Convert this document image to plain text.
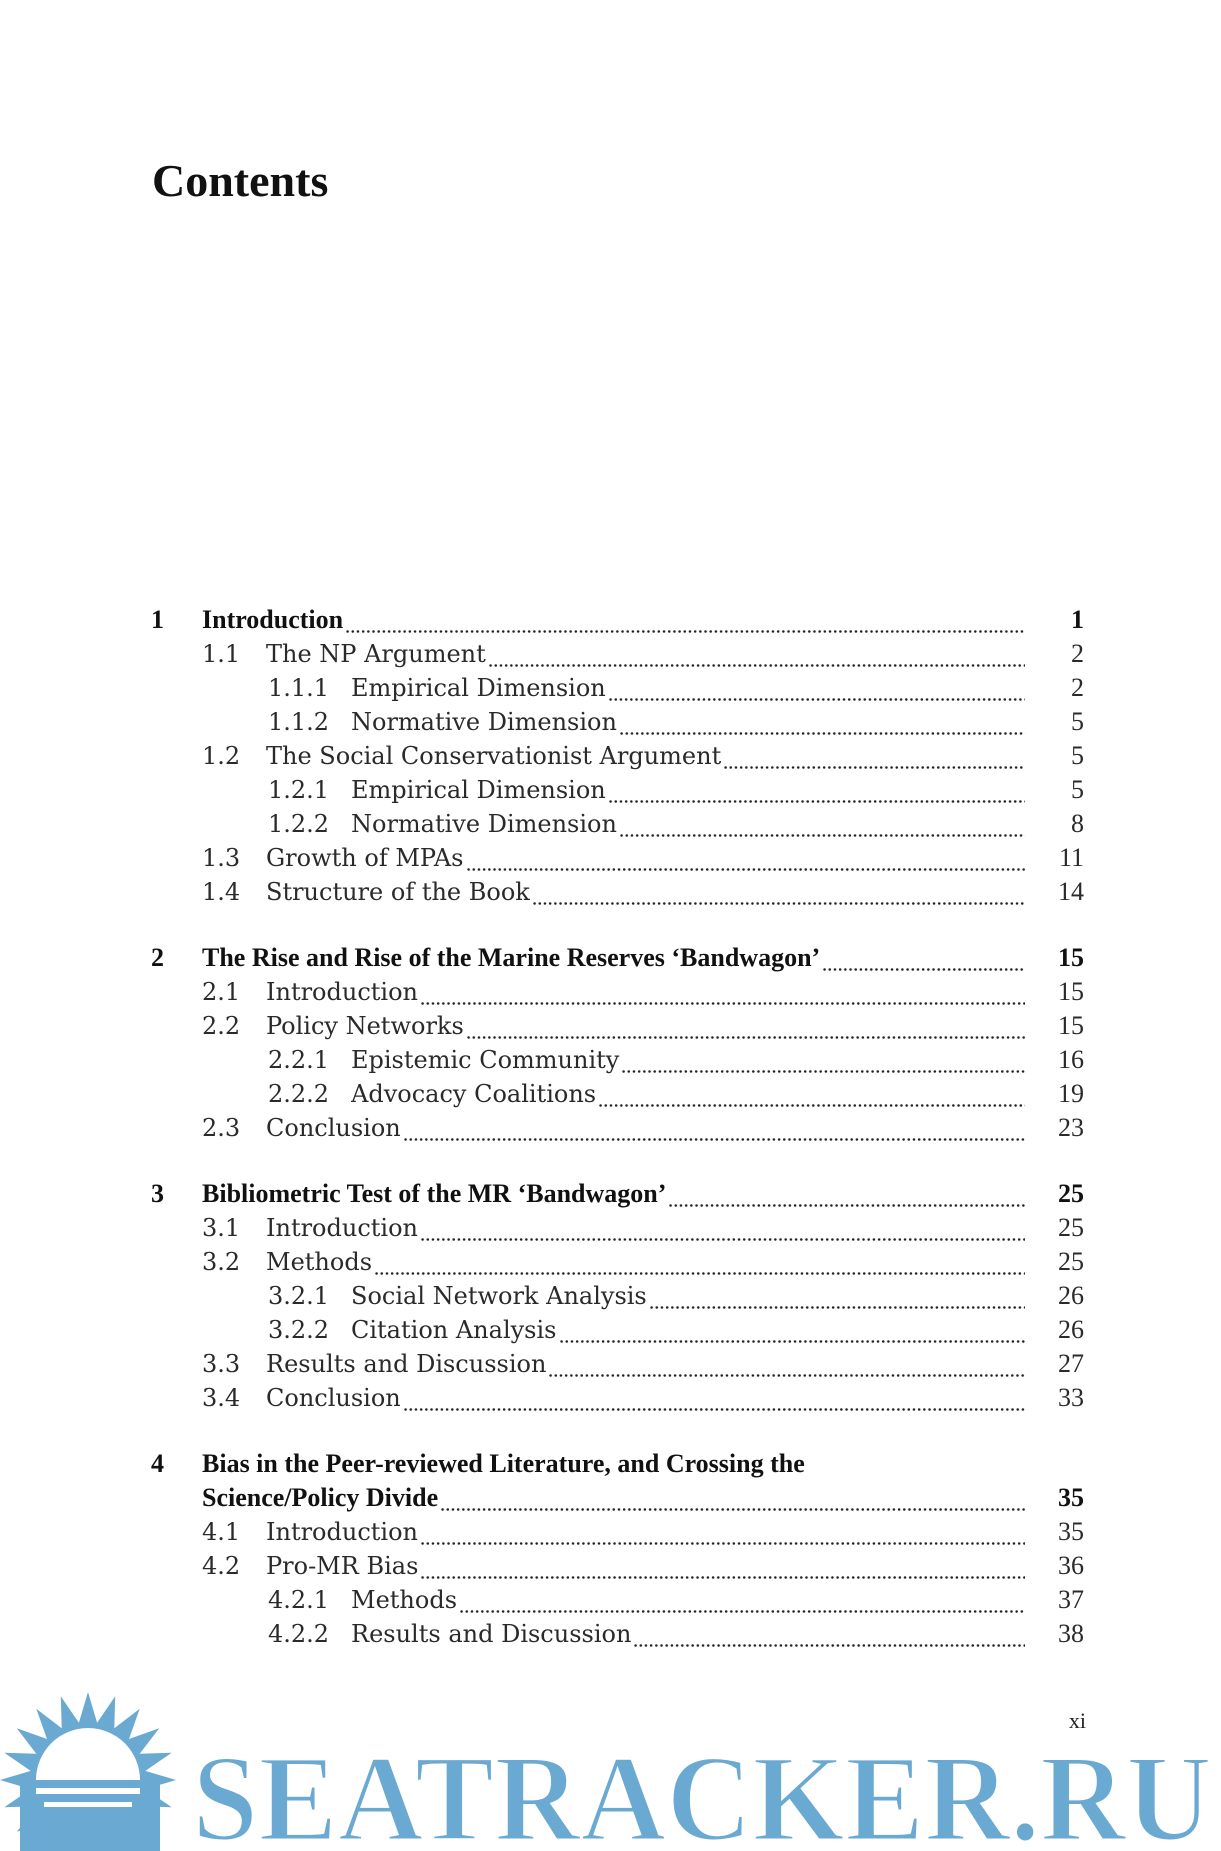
Contents
1 Introduction	1
1.1 The NP Argument	2
1.1.1 Empirical Dimension	2
1.1.2 Normative Dimension	5
1.2 The Social Conservationist Argument	5
1.2.1 Empirical Dimension	5
1.2.2 Normative Dimension	8
1.3 Growth of MPAs	11
1.4 Structure of the Book	14
2 The Rise and Rise of the Marine Reserves ‘Bandwagon’	15
2.1 Introduction	15
2.2 Policy Networks	15
2.2.1 Epistemic Community	16
2.2.2 Advocacy Coalitions	19
2.3 Conclusion	23
3 Bibliometric Test of the MR ‘Bandwagon’	25
3.1 Introduction	25
3.2 Methods	25
3.2.1 Social Network Analysis	26
3.2.2 Citation Analysis	26
3.3 Results and Discussion	27
3.4 Conclusion	33
4 Bias in the Peer-reviewed Literature, and Crossing the
Science/Policy Divide	35
4.1 Introduction	35
4.2 Pro-MR Bias	36
4.2.1 Methods	37
4.2.2 Results and Discussion	38
xi
SEATRACKER.RU
